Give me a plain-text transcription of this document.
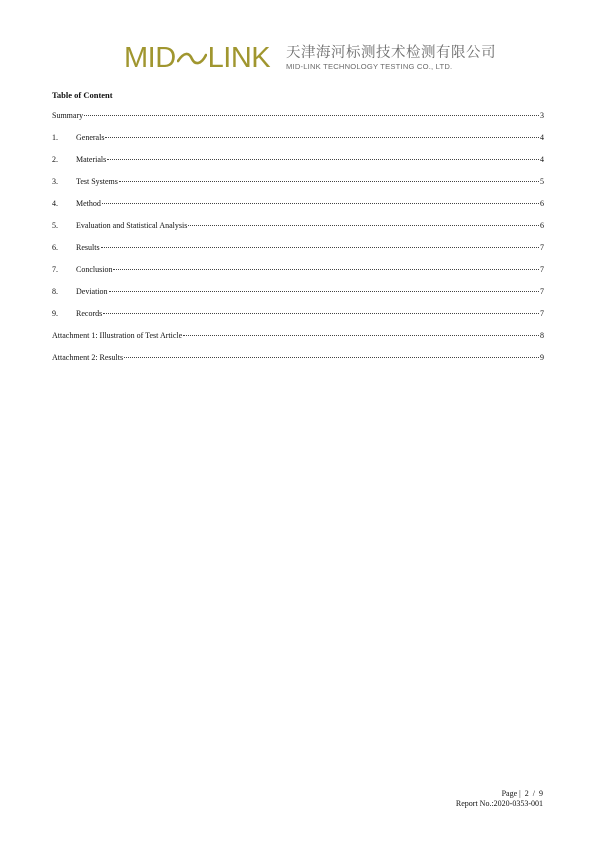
MID LINK 天津海河标测技术检测有限公司
MID-LINK TECHNOLOGY TESTING CO., LTD.
Table of Content
Summary	3
1.	Generals	4
2.	Materials	4
3.	Test Systems	5
4.	Method	6
5.	Evaluation and Statistical Analysis	6
6.	Results	7
7.	Conclusion	7
8.	Deviation	7
9.	Records	7
Attachment 1: Illustration of Test Article	8
Attachment 2: Results	9
Page | 2 / 9
Report No.:2020-0353-001
